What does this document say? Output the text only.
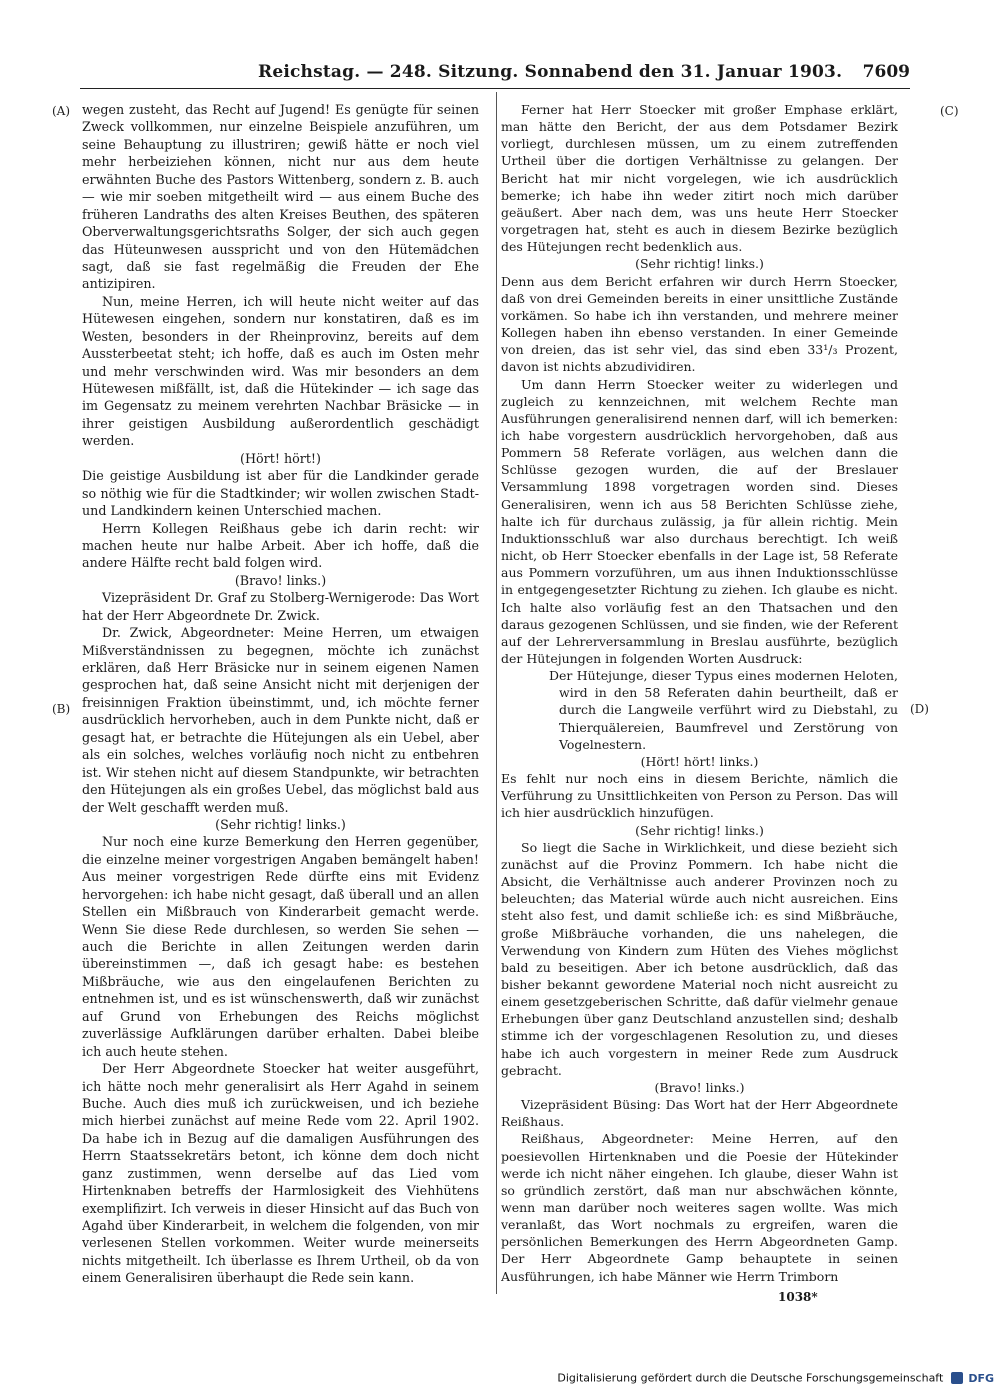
Reichstag. — 248. Sitzung. Sonnabend den 31. Januar 1903. 7609
(A)
(B)
(C)
(D)

wegen zusteht, das Recht auf Jugend! Es genügte für seinen Zweck vollkommen, nur einzelne Beispiele anzuführen, um seine Behauptung zu illustriren; gewiß hätte er noch viel mehr herbeiziehen können, nicht nur aus dem heute erwähnten Buche des Pastors Wittenberg, sondern z. B. auch — wie mir soeben mitgetheilt wird — aus einem Buche des früheren Landraths des alten Kreises Beuthen, des späteren Oberverwaltungsgerichtsraths Solger, der sich auch gegen das Hüteunwesen ausspricht und von den Hütemädchen sagt, daß sie fast regelmäßig die Freuden der Ehe antizipiren.

Nun, meine Herren, ich will heute nicht weiter auf das Hütewesen eingehen, sondern nur konstatiren, daß es im Westen, besonders in der Rheinprovinz, bereits auf dem Aussterbeetat steht; ich hoffe, daß es auch im Osten mehr und mehr verschwinden wird. Was mir besonders an dem Hütewesen mißfällt, ist, daß die Hütekinder — ich sage das im Gegensatz zu meinem verehrten Nachbar Bräsicke — in ihrer geistigen Ausbildung außerordentlich geschädigt werden.

(Hört! hört!)

Die geistige Ausbildung ist aber für die Landkinder gerade so nöthig wie für die Stadtkinder; wir wollen zwischen Stadt- und Landkindern keinen Unterschied machen.

Herrn Kollegen Reißhaus gebe ich darin recht: wir machen heute nur halbe Arbeit. Aber ich hoffe, daß die andere Hälfte recht bald folgen wird.

(Bravo! links.)

Vizepräsident Dr. Graf zu Stolberg-Wernigerode: Das Wort hat der Herr Abgeordnete Dr. Zwick.

Dr. Zwick, Abgeordneter: Meine Herren, um etwaigen Mißverständnissen zu begegnen, möchte ich zunächst erklären, daß Herr Bräsicke nur in seinem eigenen Namen gesprochen hat, daß seine Ansicht nicht mit derjenigen der freisinnigen Fraktion übeinstimmt, und, ich möchte ferner ausdrücklich hervorheben, auch in dem Punkte nicht, daß er gesagt hat, er betrachte die Hütejungen als ein Uebel, aber als ein solches, welches vorläufig noch nicht zu entbehren ist. Wir stehen nicht auf diesem Standpunkte, wir betrachten den Hütejungen als ein großes Uebel, das möglichst bald aus der Welt geschafft werden muß.

(Sehr richtig! links.)

Nur noch eine kurze Bemerkung den Herren gegenüber, die einzelne meiner vorgestrigen Angaben bemängelt haben! Aus meiner vorgestrigen Rede dürfte eins mit Evidenz hervorgehen: ich habe nicht gesagt, daß überall und an allen Stellen ein Mißbrauch von Kinderarbeit gemacht werde. Wenn Sie diese Rede durchlesen, so werden Sie sehen — auch die Berichte in allen Zeitungen werden darin übereinstimmen —, daß ich gesagt habe: es bestehen Mißbräuche, wie aus den eingelaufenen Berichten zu entnehmen ist, und es ist wünschenswerth, daß wir zunächst auf Grund von Erhebungen des Reichs möglichst zuverlässige Aufklärungen darüber erhalten. Dabei bleibe ich auch heute stehen.

Der Herr Abgeordnete Stoecker hat weiter ausgeführt, ich hätte noch mehr generalisirt als Herr Agahd in seinem Buche. Auch dies muß ich zurückweisen, und ich beziehe mich hierbei zunächst auf meine Rede vom 22. April 1902. Da habe ich in Bezug auf die damaligen Ausführungen des Herrn Staatssekretärs betont, ich könne dem doch nicht ganz zustimmen, wenn derselbe auf das Lied vom Hirtenknaben betreffs der Harmlosigkeit des Viehhütens exemplifizirt. Ich verweis in dieser Hinsicht auf das Buch von Agahd über Kinderarbeit, in welchem die folgenden, von mir verlesenen Stellen vorkommen. Weiter wurde meinerseits nichts mitgetheilt. Ich überlasse es Ihrem Urtheil, ob da von einem Generalisiren überhaupt die Rede sein kann.

Ferner hat Herr Stoecker mit großer Emphase erklärt, man hätte den Bericht, der aus dem Potsdamer Bezirk vorliegt, durchlesen müssen, um zu einem zutreffenden Urtheil über die dortigen Verhältnisse zu gelangen. Der Bericht hat mir nicht vorgelegen, wie ich ausdrücklich bemerke; ich habe ihn weder zitirt noch mich darüber geäußert. Aber nach dem, was uns heute Herr Stoecker vorgetragen hat, steht es auch in diesem Bezirke bezüglich des Hütejungen recht bedenklich aus.

(Sehr richtig! links.)

Denn aus dem Bericht erfahren wir durch Herrn Stoecker, daß von drei Gemeinden bereits in einer unsittliche Zustände vorkämen. So habe ich ihn verstanden, und mehrere meiner Kollegen haben ihn ebenso verstanden. In einer Gemeinde von dreien, das ist sehr viel, das sind eben 33¹/₃ Prozent, davon ist nichts abzudividiren.

Um dann Herrn Stoecker weiter zu widerlegen und zugleich zu kennzeichnen, mit welchem Rechte man Ausführungen generalisirend nennen darf, will ich bemerken: ich habe vorgestern ausdrücklich hervorgehoben, daß aus Pommern 58 Referate vorlägen, aus welchen dann die Schlüsse gezogen wurden, die auf der Breslauer Versammlung 1898 vorgetragen worden sind. Dieses Generalisiren, wenn ich aus 58 Berichten Schlüsse ziehe, halte ich für durchaus zulässig, ja für allein richtig. Mein Induktionsschluß war also durchaus berechtigt. Ich weiß nicht, ob Herr Stoecker ebenfalls in der Lage ist, 58 Referate aus Pommern vorzuführen, um aus ihnen Induktionsschlüsse in entgegengesetzter Richtung zu ziehen. Ich glaube es nicht. Ich halte also vorläufig fest an den Thatsachen und den daraus gezogenen Schlüssen, und sie finden, wie der Referent auf der Lehrerversammlung in Breslau ausführte, bezüglich der Hütejungen in folgenden Worten Ausdruck:

Der Hütejunge, dieser Typus eines modernen Heloten, wird in den 58 Referaten dahin beurtheilt, daß er durch die Langweile verführt wird zu Diebstahl, zu Thierquälereien, Baumfrevel und Zerstörung von Vogelnestern.

(Hört! hört! links.)

Es fehlt nur noch eins in diesem Berichte, nämlich die Verführung zu Unsittlichkeiten von Person zu Person. Das will ich hier ausdrücklich hinzufügen.

(Sehr richtig! links.)

So liegt die Sache in Wirklichkeit, und diese bezieht sich zunächst auf die Provinz Pommern. Ich habe nicht die Absicht, die Verhältnisse auch anderer Provinzen noch zu beleuchten; das Material würde auch nicht ausreichen. Eins steht also fest, und damit schließe ich: es sind Mißbräuche, große Mißbräuche vorhanden, die uns nahelegen, die Verwendung von Kindern zum Hüten des Viehes möglichst bald zu beseitigen. Aber ich betone ausdrücklich, daß das bisher bekannt gewordene Material noch nicht ausreicht zu einem gesetzgeberischen Schritte, daß dafür vielmehr genaue Erhebungen über ganz Deutschland anzustellen sind; deshalb stimme ich der vorgeschlagenen Resolution zu, und dieses habe ich auch vorgestern in meiner Rede zum Ausdruck gebracht.

(Bravo! links.)

Vizepräsident Büsing: Das Wort hat der Herr Abgeordnete Reißhaus.

Reißhaus, Abgeordneter: Meine Herren, auf den poesievollen Hirtenknaben und die Poesie der Hütekinder werde ich nicht näher eingehen. Ich glaube, dieser Wahn ist so gründlich zerstört, daß man nur abschwächen könnte, wenn man darüber noch weiteres sagen wollte. Was mich veranlaßt, das Wort nochmals zu ergreifen, waren die persönlichen Bemerkungen des Herrn Abgeordneten Gamp. Der Herr Abgeordnete Gamp behauptete in seinen Ausführungen, ich habe Männer wie Herrn Trimborn

1038*
Digitalisierung gefördert durch die Deutsche Forschungsgemeinschaft DFG
